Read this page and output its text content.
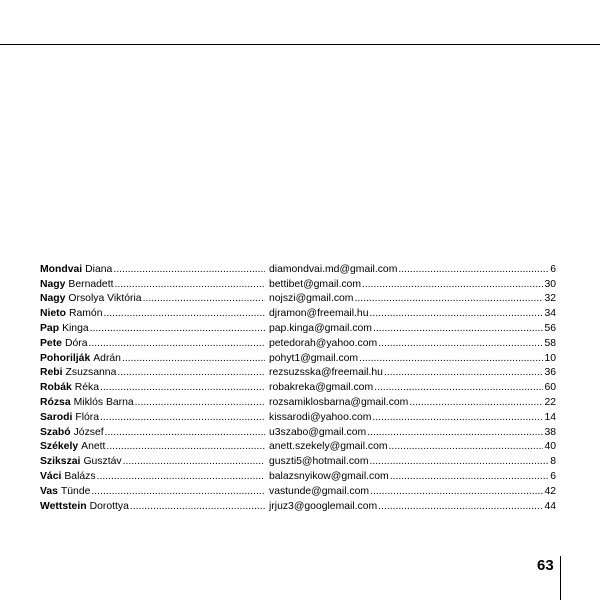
Mondvai Diana .....	diamondvai.md@gmail.com .....	6
Nagy Bernadett .....	bettibet@gmail.com .....	30
Nagy Orsolya Viktória .....	nojszi@gmail.com .....	32
Nieto Ramón .....	djramon@freemail.hu .....	34
Pap Kinga .....	pap.kinga@gmail.com .....	56
Pete Dóra .....	petedorah@yahoo.com .....	58
Pohorilják Adrán .....	pohyt1@gmail.com .....	10
Rebi Zsuzsanna .....	rezsuzsska@freemail.hu .....	36
Robák Réka .....	robakreka@gmail.com .....	60
Rózsa Miklós Barna .....	rozsamiklosbarna@gmail.com .....	22
Sarodi Flóra .....	kissarodi@yahoo.com .....	14
Szabó József .....	u3szabo@gmail.com .....	38
Székely Anett .....	anett.szekely@gmail.com .....	40
Szikszai Gusztáv .....	guszti5@hotmail.com .....	8
Váci Balázs .....	balazsnyikow@gmail.com .....	6
Vas Tünde .....	vastunde@gmail.com .....	42
Wettstein Dorottya .....	jrjuz3@googlemail.com .....	44
63
